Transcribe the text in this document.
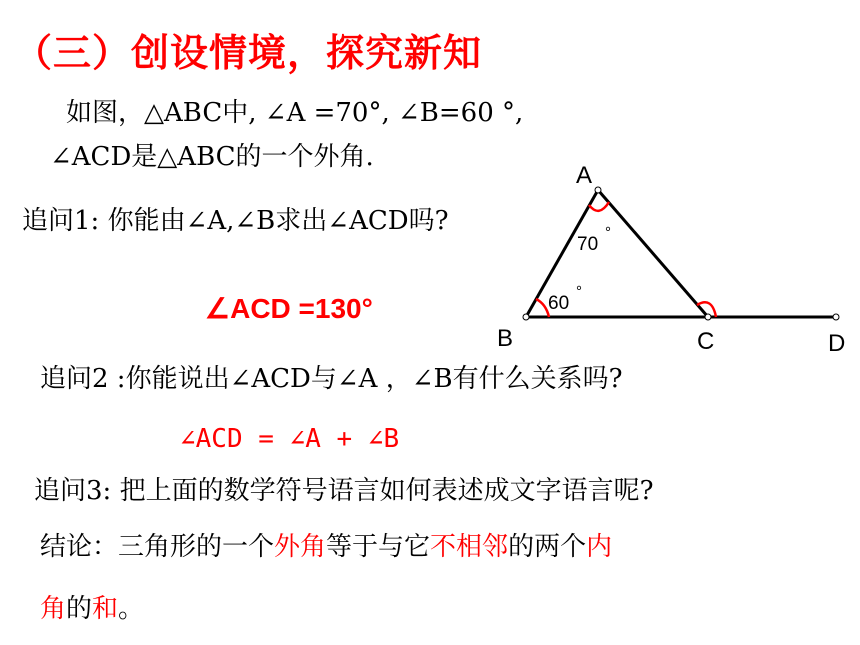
（三）创设情境，探究新知
如图，△ABC中, ∠A =70°, ∠B=60 °,
∠ACD是△ABC的一个外角.
追问1: 你能由∠A,∠B求出∠ACD吗?
∠ACD =130°
追问2 :你能说出∠ACD与∠A ，∠B有什么关系吗?
∠ACD = ∠A + ∠B
追问3: 把上面的数学符号语言如何表述成文字语言呢?
结论：三角形的一个外角等于与它不相邻的两个内
角的和。
A
B	C	D
70
°
60
°
